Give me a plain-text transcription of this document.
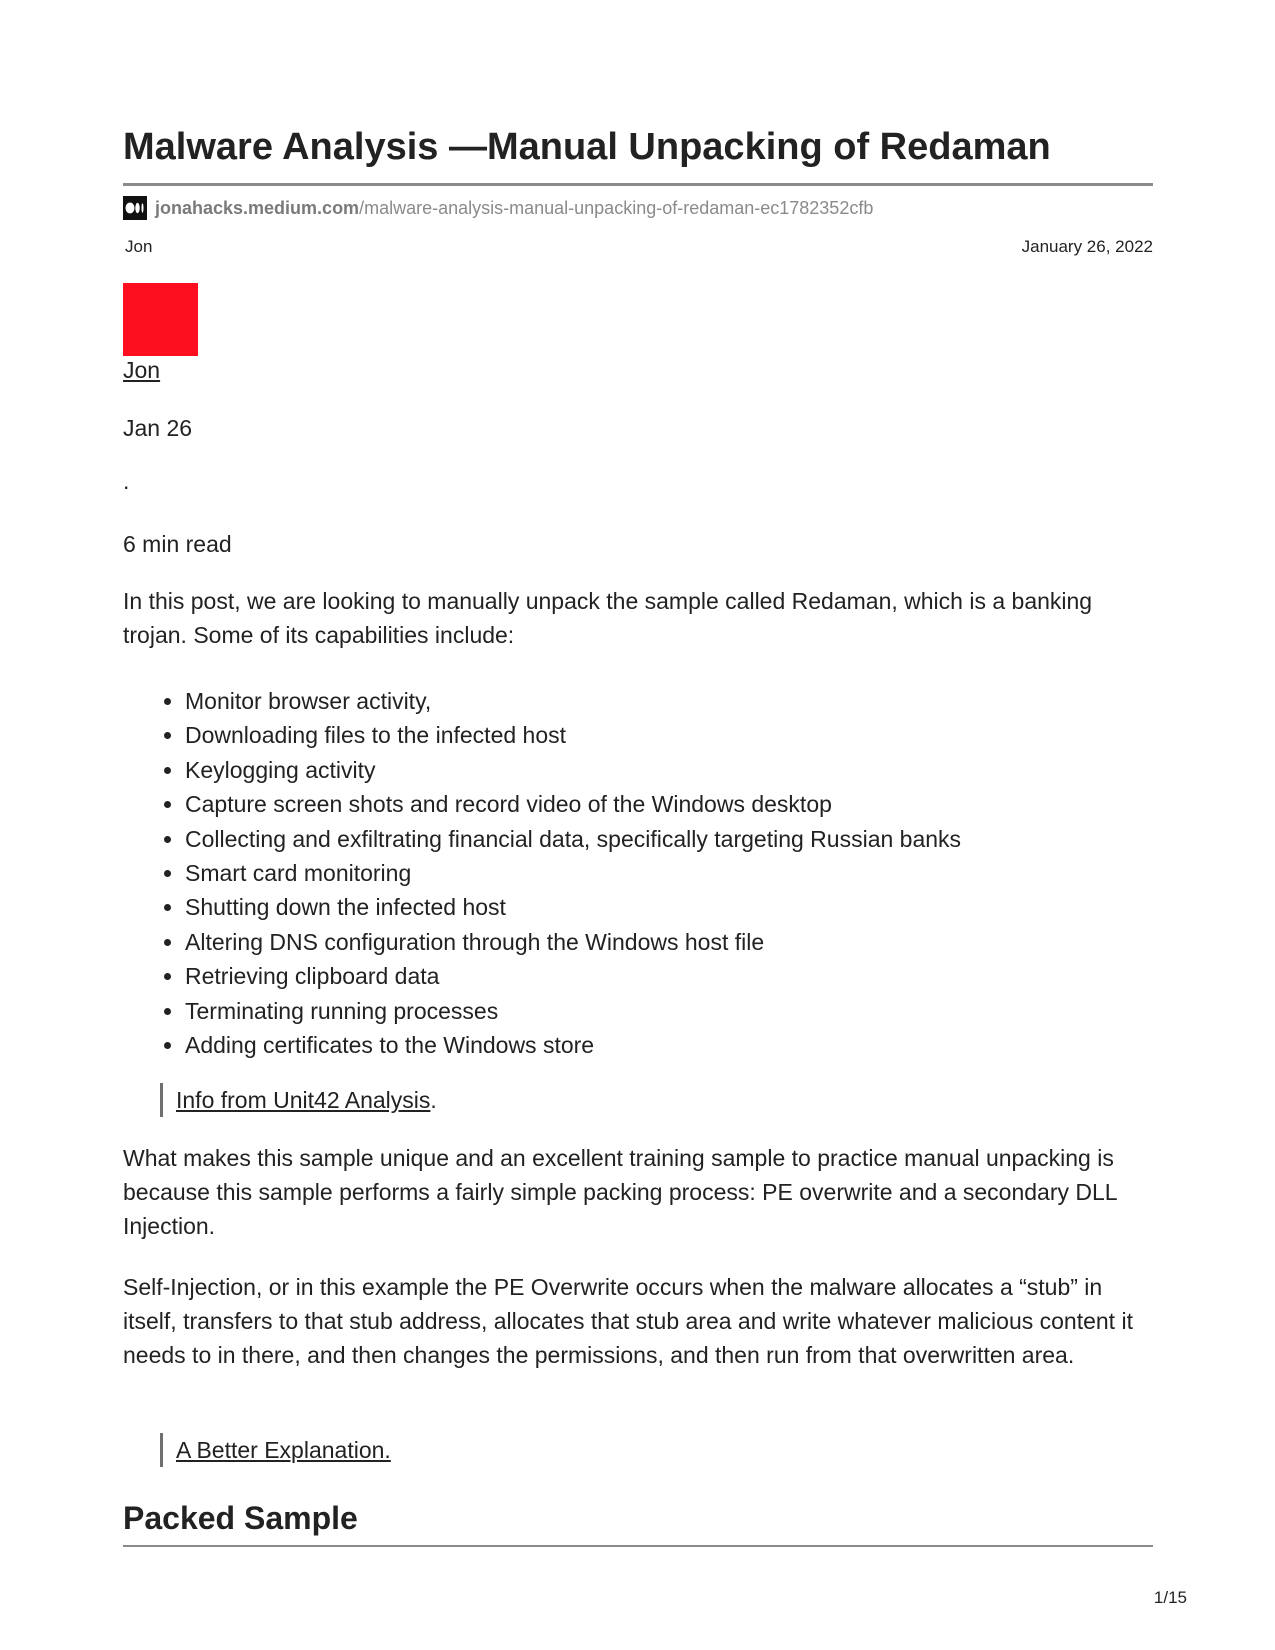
Malware Analysis —Manual Unpacking of Redaman
jonahacks.medium.com /malware-analysis-manual-unpacking-of-redaman-ec1782352cfb
Jon	January 26, 2022

Jon

Jan 26

.

6 min read

In this post, we are looking to manually unpack the sample called Redaman, which is a banking trojan. Some of its capabilities include:

• Monitor browser activity,
• Downloading files to the infected host
• Keylogging activity
• Capture screen shots and record video of the Windows desktop
• Collecting and exfiltrating financial data, specifically targeting Russian banks
• Smart card monitoring
• Shutting down the infected host
• Altering DNS configuration through the Windows host file
• Retrieving clipboard data
• Terminating running processes
• Adding certificates to the Windows store
Info from Unit42 Analysis.

What makes this sample unique and an excellent training sample to practice manual unpacking is because this sample performs a fairly simple packing process: PE overwrite and a secondary DLL Injection.

Self-Injection, or in this example the PE Overwrite occurs when the malware allocates a “stub” in itself, transfers to that stub address, allocates that stub area and write whatever malicious content it needs to in there, and then changes the permissions, and then run from that overwritten area.

A Better Explanation.
Packed Sample
1/15
